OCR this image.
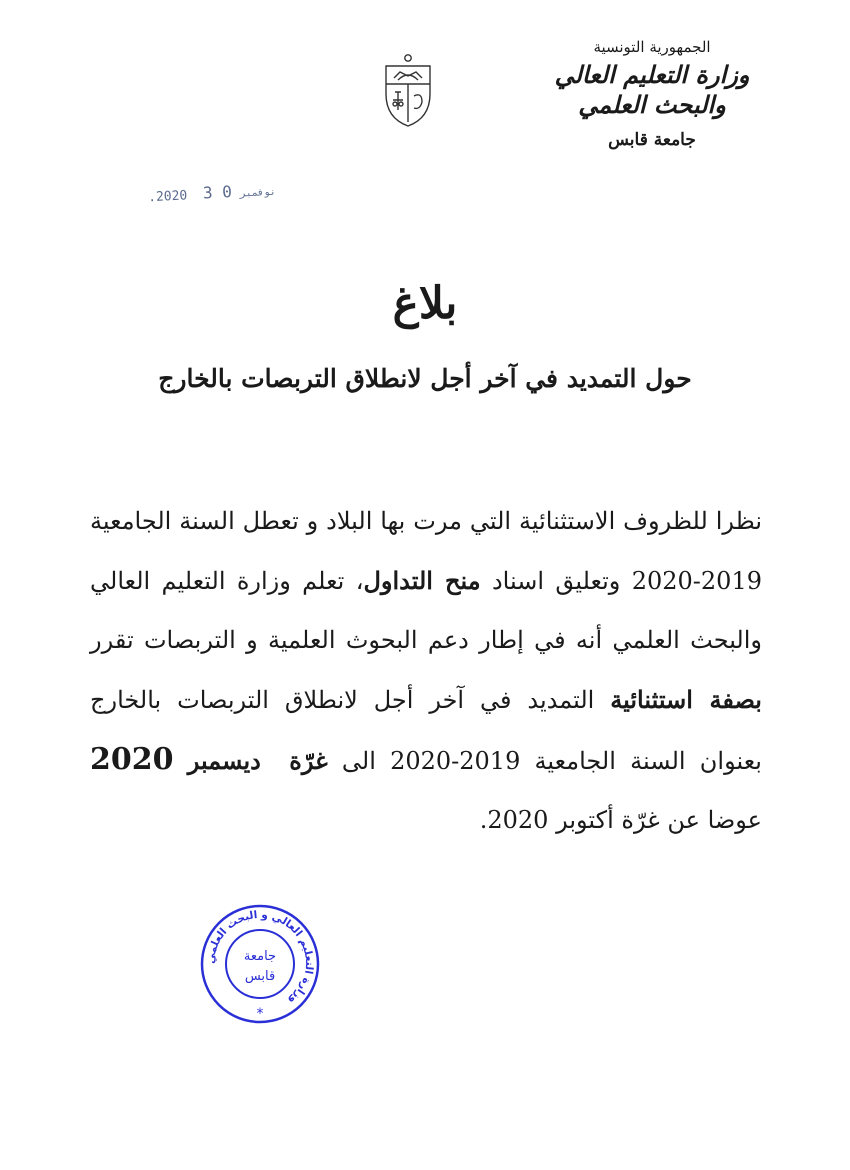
الجمهورية التونسية
وزارة التعليم العالي
والبحث العلمي
جامعة قابس
.2020	نوفمبر 0 3
بلاغ
حول التمديد في آخر أجل لانطلاق التربصات بالخارج
نظرا للظروف الاستثنائية التي مرت بها البلاد و تعطل السنة الجامعية 2019-2020 وتعليق اسناد منح التداول، تعلم وزارة التعليم العالي والبحث العلمي أنه في إطار دعم البحوث العلمية و التربصات تقرر بصفة استثنائية التمديد في آخر أجل لانطلاق التربصات بالخارج بعنوان السنة الجامعية 2019-2020 الى غرّة  ديسمبر 2020 عوضا عن غرّة أكتوبر 2020.
وزارة التعليم العالي و البحث العلمي
جامعة
قابس
*
